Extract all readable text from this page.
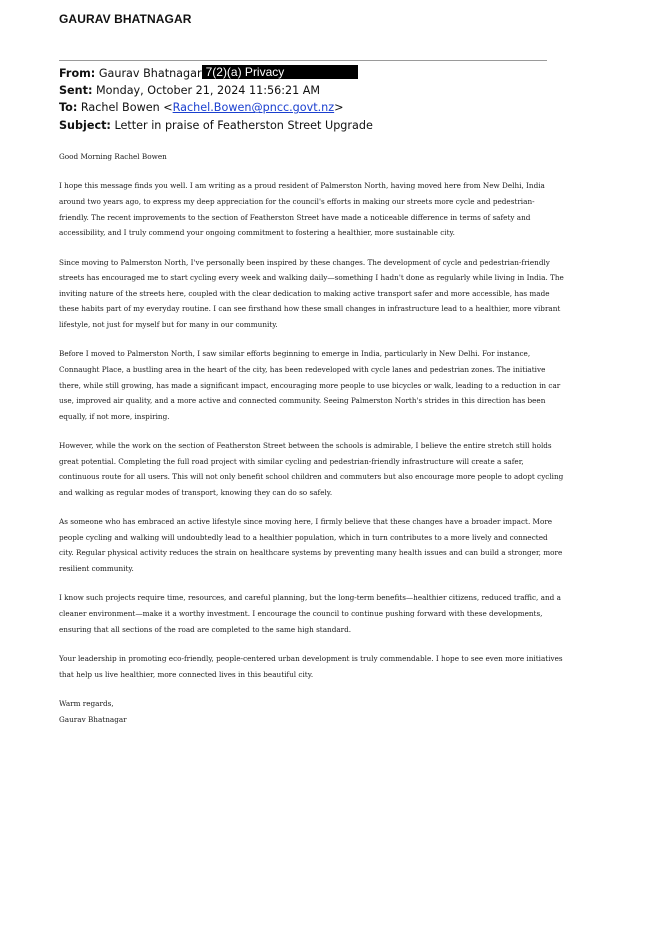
GAURAV BHATNAGAR
From: Gaurav Bhatnagar 7(2)(a) Privacy
Sent: Monday, October 21, 2024 11:56:21 AM
To: Rachel Bowen <Rachel.Bowen@pncc.govt.nz>
Subject: Letter in praise of Featherston Street Upgrade

Good Morning Rachel Bowen

I hope this message finds you well. I am writing as a proud resident of Palmerston North, having moved here from New Delhi, India around two years ago, to express my deep appreciation for the council's efforts in making our streets more cycle and pedestrian-friendly. The recent improvements to the section of Featherston Street have made a noticeable difference in terms of safety and accessibility, and I truly commend your ongoing commitment to fostering a healthier, more sustainable city.

Since moving to Palmerston North, I've personally been inspired by these changes. The development of cycle and pedestrian-friendly streets has encouraged me to start cycling every week and walking daily—something I hadn't done as regularly while living in India. The inviting nature of the streets here, coupled with the clear dedication to making active transport safer and more accessible, has made these habits part of my everyday routine. I can see firsthand how these small changes in infrastructure lead to a healthier, more vibrant lifestyle, not just for myself but for many in our community.

Before I moved to Palmerston North, I saw similar efforts beginning to emerge in India, particularly in New Delhi. For instance, Connaught Place, a bustling area in the heart of the city, has been redeveloped with cycle lanes and pedestrian zones. The initiative there, while still growing, has made a significant impact, encouraging more people to use bicycles or walk, leading to a reduction in car use, improved air quality, and a more active and connected community. Seeing Palmerston North's strides in this direction has been equally, if not more, inspiring.

However, while the work on the section of Featherston Street between the schools is admirable, I believe the entire stretch still holds great potential. Completing the full road project with similar cycling and pedestrian-friendly infrastructure will create a safer, continuous route for all users. This will not only benefit school children and commuters but also encourage more people to adopt cycling and walking as regular modes of transport, knowing they can do so safely.

As someone who has embraced an active lifestyle since moving here, I firmly believe that these changes have a broader impact. More people cycling and walking will undoubtedly lead to a healthier population, which in turn contributes to a more lively and connected city. Regular physical activity reduces the strain on healthcare systems by preventing many health issues and can build a stronger, more resilient community.

I know such projects require time, resources, and careful planning, but the long-term benefits—healthier citizens, reduced traffic, and a cleaner environment—make it a worthy investment. I encourage the council to continue pushing forward with these developments, ensuring that all sections of the road are completed to the same high standard.

Your leadership in promoting eco-friendly, people-centered urban development is truly commendable. I hope to see even more initiatives that help us live healthier, more connected lives in this beautiful city.

Warm regards,
Gaurav Bhatnagar
